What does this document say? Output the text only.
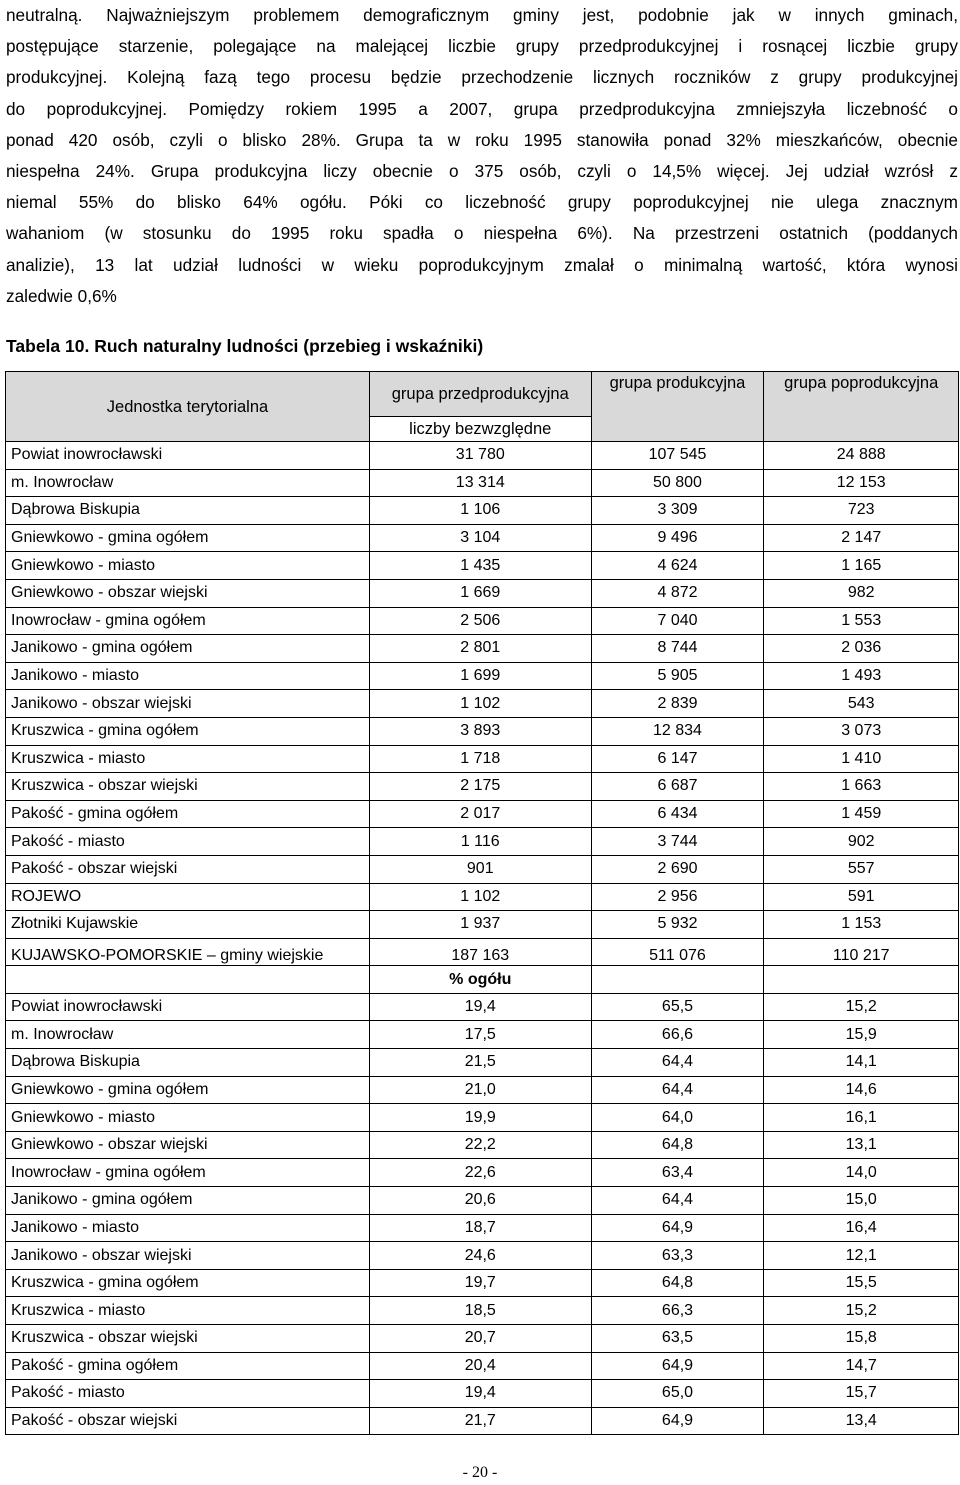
neutralną. Najważniejszym problemem demograficznym gminy jest, podobnie jak w innych gminach,

postępujące starzenie, polegające na malejącej liczbie grupy przedprodukcyjnej i rosnącej liczbie grupy

produkcyjnej. Kolejną fazą tego procesu będzie przechodzenie licznych roczników z grupy produkcyjnej

do poprodukcyjnej. Pomiędzy rokiem 1995 a 2007, grupa przedprodukcyjna zmniejszyła liczebność o

ponad 420 osób, czyli o blisko 28%. Grupa ta w roku 1995 stanowiła ponad 32% mieszkańców, obecnie

niespełna 24%. Grupa produkcyjna liczy obecnie o 375 osób, czyli o 14,5% więcej. Jej udział wzrósł z

niemal 55% do blisko 64% ogółu. Póki co liczebność grupy poprodukcyjnej nie ulega znacznym

wahaniom (w stosunku do 1995 roku spadła o niespełna 6%). Na przestrzeni ostatnich (poddanych

analizie), 13 lat udział ludności w wieku poprodukcyjnym zmalał o minimalną wartość, która wynosi

zaledwie 0,6%

Tabela 10. Ruch naturalny ludności (przebieg i wskaźniki)
Jednostka terytorialna	grupa przedprodukcyjna	grupa produkcyjna	grupa poprodukcyjna
	liczby bezwzględne		
Powiat inowrocławski	31 780	107 545	24 888
m. Inowrocław	13 314	50 800	12 153
Dąbrowa Biskupia	1 106	3 309	723
Gniewkowo - gmina ogółem	3 104	9 496	2 147
Gniewkowo - miasto	1 435	4 624	1 165
Gniewkowo - obszar wiejski	1 669	4 872	982
Inowrocław - gmina ogółem	2 506	7 040	1 553
Janikowo - gmina ogółem	2 801	8 744	2 036
Janikowo - miasto	1 699	5 905	1 493
Janikowo - obszar wiejski	1 102	2 839	543
Kruszwica - gmina ogółem	3 893	12 834	3 073
Kruszwica - miasto	1 718	6 147	1 410
Kruszwica - obszar wiejski	2 175	6 687	1 663
Pakość - gmina ogółem	2 017	6 434	1 459
Pakość - miasto	1 116	3 744	902
Pakość - obszar wiejski	901	2 690	557
ROJEWO	1 102	2 956	591
Złotniki Kujawskie	1 937	5 932	1 153
KUJAWSKO-POMORSKIE – gminy wiejskie	187 163	511 076	110 217
	% ogółu		
Powiat inowrocławski	19,4	65,5	15,2
m. Inowrocław	17,5	66,6	15,9
Dąbrowa Biskupia	21,5	64,4	14,1
Gniewkowo - gmina ogółem	21,0	64,4	14,6
Gniewkowo - miasto	19,9	64,0	16,1
Gniewkowo - obszar wiejski	22,2	64,8	13,1
Inowrocław - gmina ogółem	22,6	63,4	14,0
Janikowo - gmina ogółem	20,6	64,4	15,0
Janikowo - miasto	18,7	64,9	16,4
Janikowo - obszar wiejski	24,6	63,3	12,1
Kruszwica - gmina ogółem	19,7	64,8	15,5
Kruszwica - miasto	18,5	66,3	15,2
Kruszwica - obszar wiejski	20,7	63,5	15,8
Pakość - gmina ogółem	20,4	64,9	14,7
Pakość - miasto	19,4	65,0	15,7
Pakość - obszar wiejski	21,7	64,9	13,4
- 20 -
